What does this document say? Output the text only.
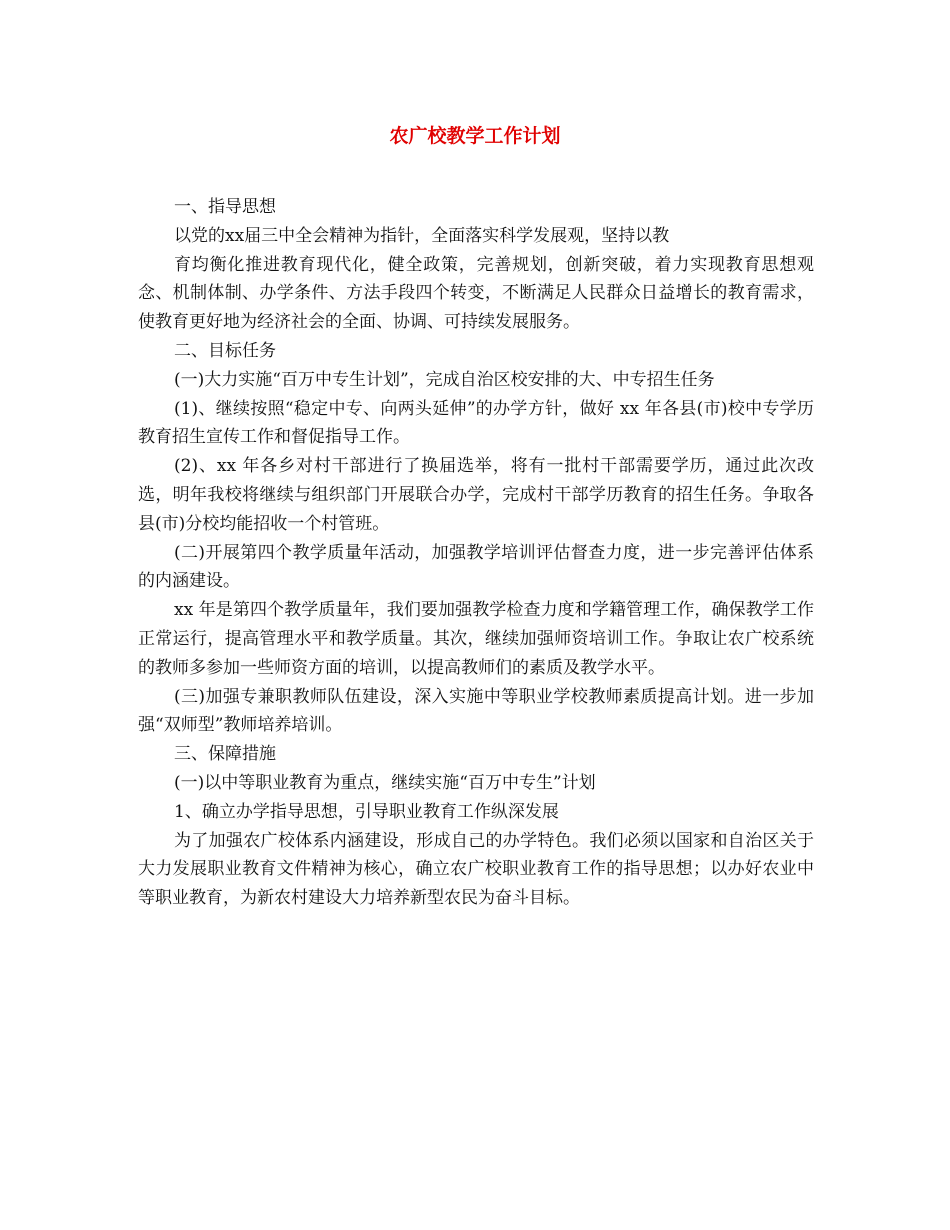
农广校教学工作计划

一、指导思想

以党的xx届三中全会精神为指针，全面落实科学发展观，坚持以教

育均衡化推进教育现代化，健全政策，完善规划，创新突破，着力实现教育思想观念、机制体制、办学条件、方法手段四个转变，不断满足人民群众日益增长的教育需求，使教育更好地为经济社会的全面、协调、可持续发展服务。

二、目标任务

(一)大力实施“百万中专生计划”，完成自治区校安排的大、中专招生任务

(1)、继续按照“稳定中专、向两头延伸”的办学方针，做好 xx 年各县(市)校中专学历教育招生宣传工作和督促指导工作。

(2)、xx 年各乡对村干部进行了换届选举，将有一批村干部需要学历，通过此次改选，明年我校将继续与组织部门开展联合办学，完成村干部学历教育的招生任务。争取各县(市)分校均能招收一个村管班。

(二)开展第四个教学质量年活动，加强教学培训评估督查力度，进一步完善评估体系的内涵建设。

xx 年是第四个教学质量年，我们要加强教学检查力度和学籍管理工作，确保教学工作正常运行，提高管理水平和教学质量。其次，继续加强师资培训工作。争取让农广校系统的教师多参加一些师资方面的培训，以提高教师们的素质及教学水平。

(三)加强专兼职教师队伍建设，深入实施中等职业学校教师素质提高计划。进一步加强“双师型”教师培养培训。

三、保障措施

(一)以中等职业教育为重点，继续实施“百万中专生”计划

1、确立办学指导思想，引导职业教育工作纵深发展

为了加强农广校体系内涵建设，形成自己的办学特色。我们必须以国家和自治区关于大力发展职业教育文件精神为核心，确立农广校职业教育工作的指导思想；以办好农业中等职业教育，为新农村建设大力培养新型农民为奋斗目标。
